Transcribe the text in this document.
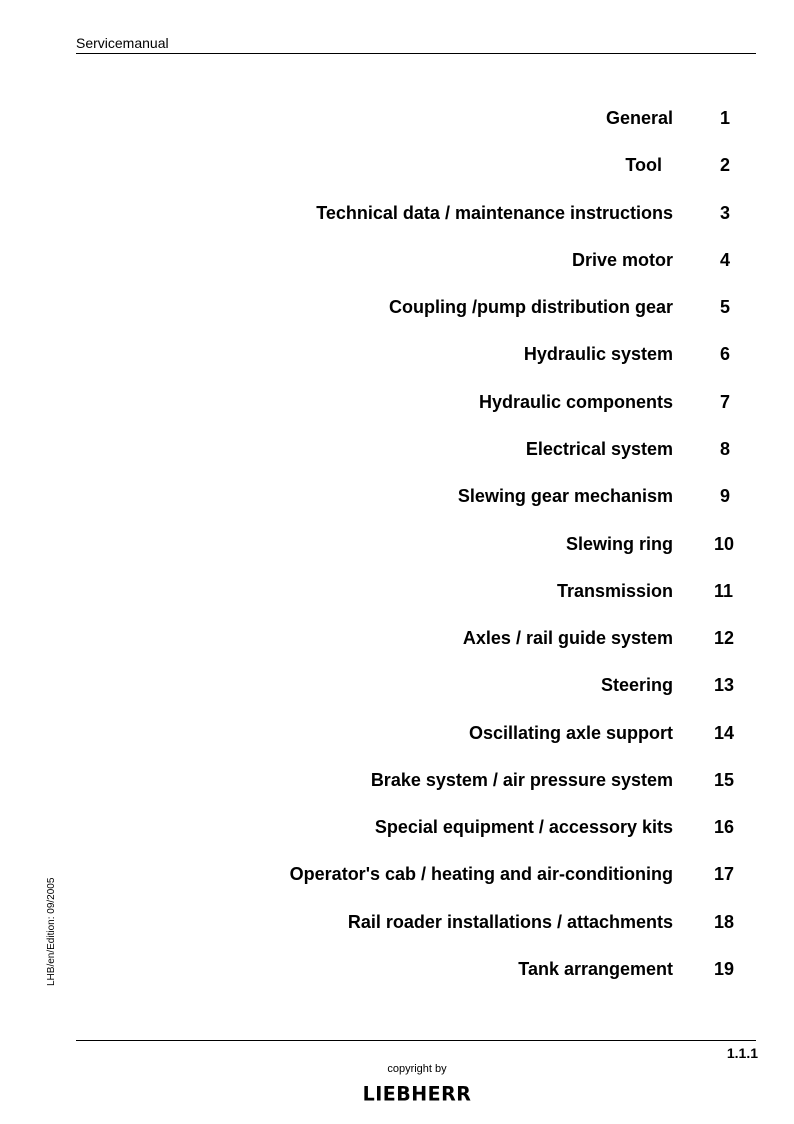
Servicemanual
General	1
Tool	2
Technical data / maintenance instructions	3
Drive motor	4
Coupling /pump distribution gear	5
Hydraulic system	6
Hydraulic components	7
Electrical system	8
Slewing gear mechanism	9
Slewing ring 10
Transmission 11
Axles / rail guide system 12
Steering 13
Oscillating axle support 14
Brake system / air pressure system 15
Special equipment / accessory kits 16
Operator's cab / heating and air-conditioning 17
Rail roader installations / attachments 18
Tank arrangement 19
LHB/en/Edition: 09/2005
1.1.1
copyright by
LIEBHERR
